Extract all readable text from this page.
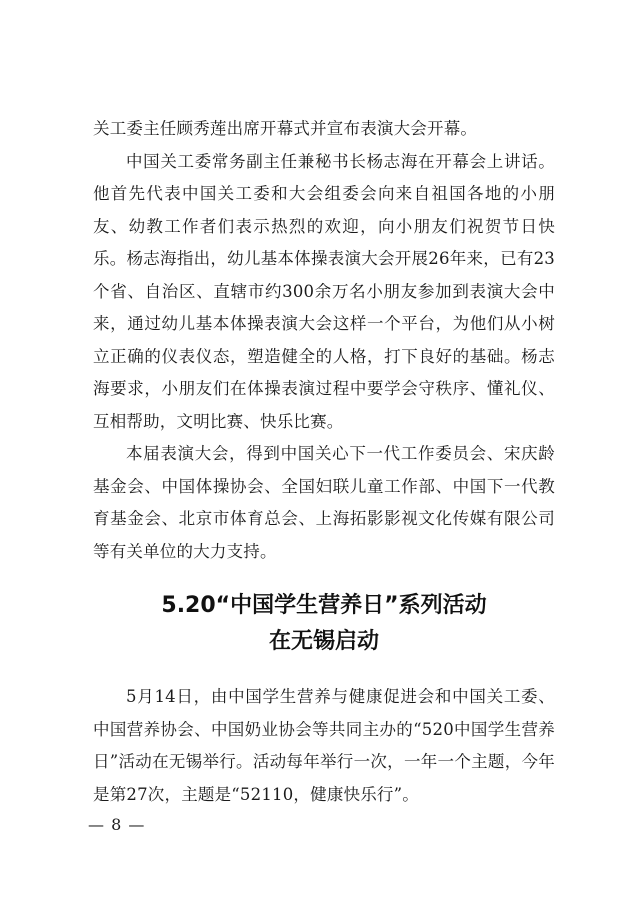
关工委主任顾秀莲出席开幕式并宣布表演大会开幕。

中国关工委常务副主任兼秘书长杨志海在开幕会上讲话。他首先代表中国关工委和大会组委会向来自祖国各地的小朋友、幼教工作者们表示热烈的欢迎，向小朋友们祝贺节日快乐。杨志海指出，幼儿基本体操表演大会开展26年来，已有23个省、自治区、直辖市约300余万名小朋友参加到表演大会中来，通过幼儿基本体操表演大会这样一个平台，为他们从小树立正确的仪表仪态，塑造健全的人格，打下良好的基础。杨志海要求，小朋友们在体操表演过程中要学会守秩序、懂礼仪、互相帮助，文明比赛、快乐比赛。

本届表演大会，得到中国关心下一代工作委员会、宋庆龄基金会、中国体操协会、全国妇联儿童工作部、中国下一代教育基金会、北京市体育总会、上海拓影影视文化传媒有限公司等有关单位的大力支持。

5.20“中国学生营养日”系列活动
在无锡启动

5月14日，由中国学生营养与健康促进会和中国关工委、中国营养协会、中国奶业协会等共同主办的“520中国学生营养日”活动在无锡举行。活动每年举行一次，一年一个主题，今年是第27次，主题是“52110，健康快乐行”。

— 8 —
